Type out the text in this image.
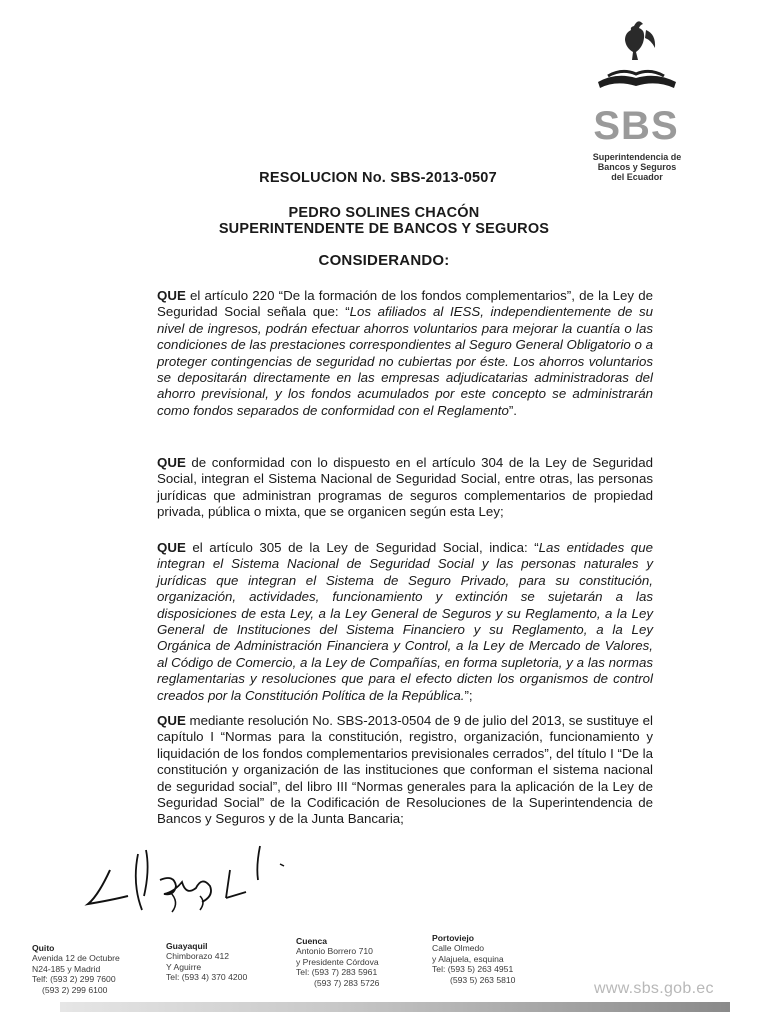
SBS
Superintendencia de
Bancos y Seguros
del Ecuador
RESOLUCION No. SBS-2013-0507
PEDRO SOLINES CHACÓN
SUPERINTENDENTE DE BANCOS Y SEGUROS
CONSIDERANDO:
QUE el artículo 220 “De la formación de los fondos complementarios”, de la Ley de Seguridad Social señala que: “Los afiliados al IESS, independientemente de su nivel de ingresos, podrán efectuar ahorros voluntarios para mejorar la cuantía o las condiciones de las prestaciones correspondientes al Seguro General Obligatorio o a proteger contingencias de seguridad no cubiertas por éste. Los ahorros voluntarios se depositarán directamente en las empresas adjudicatarias administradoras del ahorro previsional, y los fondos acumulados por este concepto se administrarán como fondos separados de conformidad con el Reglamento”.
QUE de conformidad con lo dispuesto en el artículo 304 de la Ley de Seguridad Social, integran el Sistema Nacional de Seguridad Social, entre otras, las personas jurídicas que administran programas de seguros complementarios de propiedad privada, pública o mixta, que se organicen según esta Ley;
QUE el artículo 305 de la Ley de Seguridad Social, indica: “Las entidades que integran el Sistema Nacional de Seguridad Social y las personas naturales y jurídicas que integran el Sistema de Seguro Privado, para su constitución, organización, actividades, funcionamiento y extinción se sujetarán a las disposiciones de esta Ley, a la Ley General de Seguros y su Reglamento, a la Ley General de Instituciones del Sistema Financiero y su Reglamento, a la Ley Orgánica de Administración Financiera y Control, a la Ley de Mercado de Valores, al Código de Comercio, a la Ley de Compañías, en forma supletoria, y a las normas reglamentarias y resoluciones que para el efecto dicten los organismos de control creados por la Constitución Política de la República.”;
QUE mediante resolución No. SBS-2013-0504 de 9 de julio del 2013, se sustituye el capítulo I “Normas para la constitución, registro, organización, funcionamiento y liquidación de los fondos complementarios previsionales cerrados”, del título I “De la constitución y organización de las instituciones que conforman el sistema nacional de seguridad social”, del libro III “Normas generales para la aplicación de la Ley de Seguridad Social” de la Codificación de Resoluciones de la Superintendencia de Bancos y Seguros y de la Junta Bancaria;
Quito
Avenida 12 de Octubre
N24-185 y Madrid
Telf: (593 2) 299 7600
(593 2) 299 6100
Guayaquil
Chimborazo 412
Y Aguirre
Tel: (593 4) 370 4200
Cuenca
Antonio Borrero 710
y Presidente Córdova
Tel: (593 7) 283 5961
(593 7) 283 5726
Portoviejo
Calle Olmedo
y Alajuela, esquina
Tel: (593 5) 263 4951
(593 5) 263 5810
www.sbs.gob.ec
